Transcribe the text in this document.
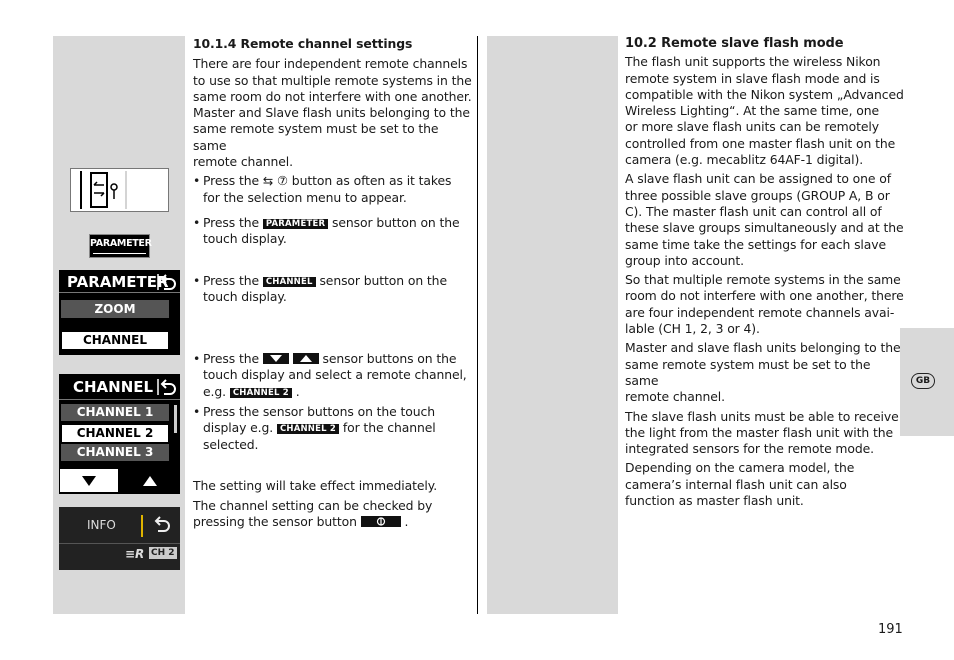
PARAMETER
PARAMETER
ZOOM
CHANNEL
CHANNEL
CHANNEL 1
CHANNEL 2
CHANNEL 3
INFO
≡R CH 2

10.1.4 Remote channel settings

There are four independent remote channels
to use so that multiple remote systems in the
same room do not interfere with one another.
Master and Slave flash units belonging to the
same remote system must be set to the same
remote channel.

• Press the ⇆ ⑦ button as often as it takes
for the selection menu to appear.
• Press the PARAMETER sensor button on the
touch display.
• Press the CHANNEL sensor button on the
touch display.
• Press the
	sensor buttons on the
touch display and select a remote channel,
e.g. CHANNEL 2 .
• Press the sensor buttons on the touch
display e.g. CHANNEL 2 for the channel
selected.

The setting will take effect immediately.

The channel setting can be checked by
pressing the sensor button	.

10.2 Remote slave flash mode

The flash unit supports the wireless Nikon
remote system in slave flash mode and is
compatible with the Nikon system „Advanced
Wireless Lighting“. At the same time, one
or more slave flash units can be remotely
controlled from one master flash unit on the
camera (e.g. mecablitz 64AF-1 digital).

A slave flash unit can be assigned to one of
three possible slave groups (GROUP A, B or
C). The master flash unit can control all of
these slave groups simultaneously and at the
same time take the settings for each slave
group into account.

So that multiple remote systems in the same
room do not interfere with one another, there
are four independent remote channels avai-
lable (CH 1, 2, 3 or 4).

Master and slave flash units belonging to the
same remote system must be set to the same
remote channel.

The slave flash units must be able to receive
the light from the master flash unit with the
integrated sensors for the remote mode.

Depending on the camera model, the
camera’s internal flash unit can also
function as master flash unit.

GB
191
